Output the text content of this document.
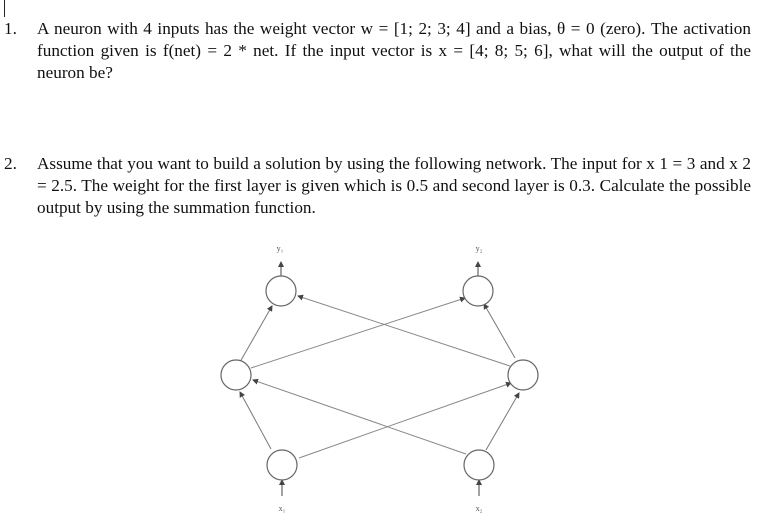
1. A neuron with 4 inputs has the weight vector w = [1; 2; 3; 4] and a bias, θ = 0 (zero). The activation function given is f(net) = 2 * net. If the input vector is x = [4; 8; 5; 6], what will the output of the neuron be?
2. Assume that you want to build a solution by using the following network. The input for x 1 = 3 and x 2 = 2.5. The weight for the first layer is given which is 0.5 and second layer is 0.3. Calculate the possible output by using the summation function.
y₁	y₂
x₁	x₂
